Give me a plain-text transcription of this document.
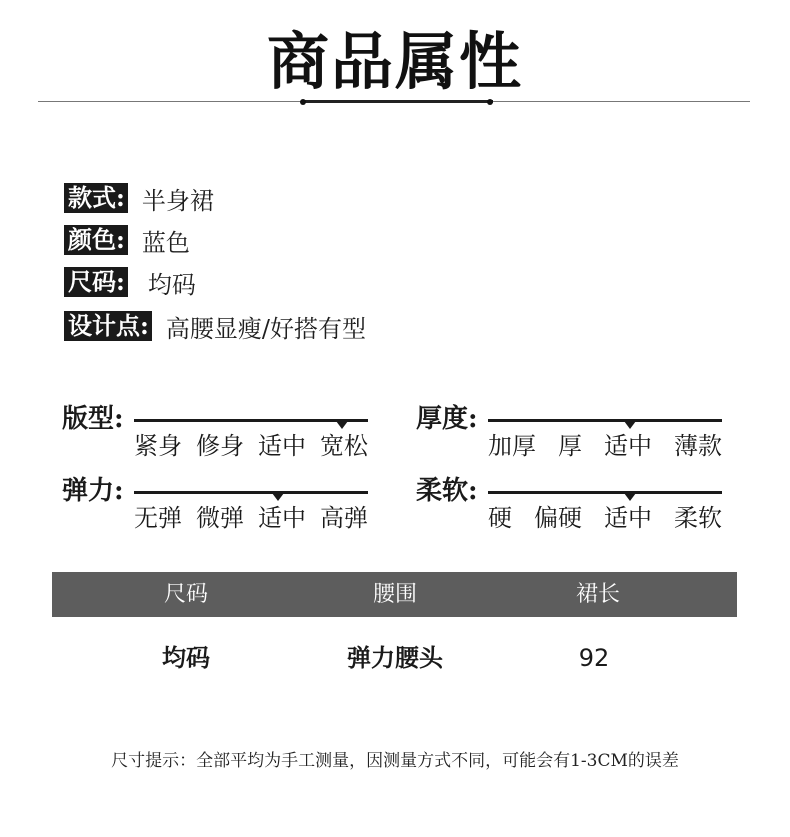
商品属性
款式: 半身裙
颜色: 蓝色
尺码: 均码
设计点: 高腰显瘦/好搭有型
版型:
紧身 修身 适中 宽松
厚度:
加厚 厚 适中 薄款
弹力:
无弹 微弹 适中 高弹
柔软:
硬 偏硬 适中 柔软
尺码	腰围	裙长
均码	弹力腰头	92
尺寸提示：全部平均为手工测量，因测量方式不同，可能会有1-3CM的误差
